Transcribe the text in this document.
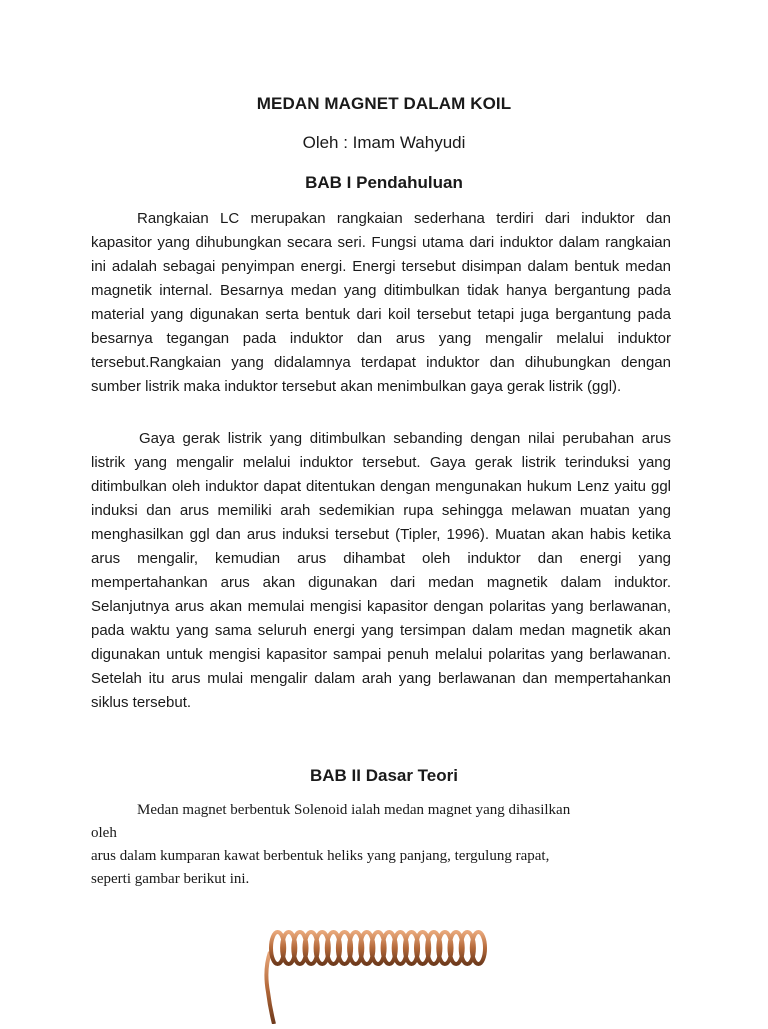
MEDAN MAGNET DALAM KOIL
Oleh : Imam Wahyudi
BAB I Pendahuluan

Rangkaian LC merupakan rangkaian sederhana terdiri dari induktor dan kapasitor yang dihubungkan secara seri. Fungsi utama dari induktor dalam rangkaian ini adalah sebagai penyimpan energi. Energi tersebut disimpan dalam bentuk medan magnetik internal. Besarnya medan yang ditimbulkan tidak hanya bergantung pada material yang digunakan serta bentuk dari koil tersebut tetapi juga bergantung pada besarnya tegangan pada induktor dan arus yang mengalir melalui induktor tersebut.Rangkaian yang didalamnya terdapat induktor dan dihubungkan dengan sumber listrik maka induktor tersebut akan menimbulkan gaya gerak listrik (ggl).

Gaya gerak listrik yang ditimbulkan sebanding dengan nilai perubahan arus listrik yang mengalir melalui induktor tersebut. Gaya gerak listrik terinduksi yang ditimbulkan oleh induktor dapat ditentukan dengan mengunakan hukum Lenz yaitu ggl induksi dan arus memiliki arah sedemikian rupa sehingga melawan muatan yang menghasilkan ggl dan arus induksi tersebut (Tipler, 1996). Muatan akan habis ketika arus mengalir, kemudian arus dihambat oleh induktor dan energi yang mempertahankan arus akan digunakan dari medan magnetik dalam induktor. Selanjutnya arus akan memulai mengisi kapasitor dengan polaritas yang berlawanan, pada waktu yang sama seluruh energi yang tersimpan dalam medan magnetik akan digunakan untuk mengisi kapasitor sampai penuh melalui polaritas yang berlawanan. Setelah itu arus mulai mengalir dalam arah yang berlawanan dan mempertahankan siklus tersebut.

BAB II Dasar Teori
Medan magnet berbentuk Solenoid ialah medan magnet yang dihasilkan
oleh
arus dalam kumparan kawat berbentuk heliks yang panjang, tergulung rapat,
seperti gambar berikut ini.
